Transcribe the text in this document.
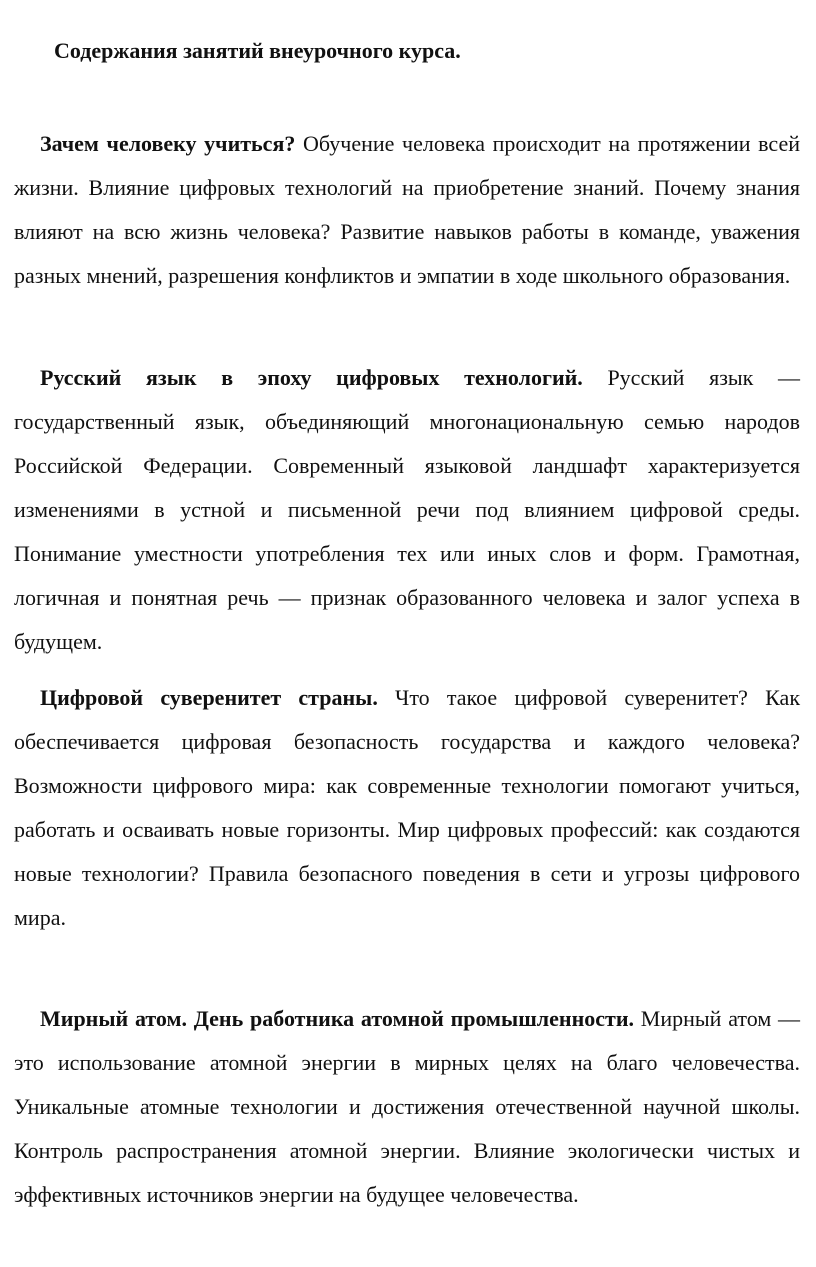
Содержания занятий внеурочного курса.

Зачем человеку учиться? Обучение человека происходит на протяжении всей жизни. Влияние цифровых технологий на приобретение знаний. Почему знания влияют на всю жизнь человека? Развитие навыков работы в команде, уважения разных мнений, разрешения конфликтов и эмпатии в ходе школьного образования.

Русский язык в эпоху цифровых технологий. Русский язык — государственный язык, объединяющий многонациональную семью народов Российской Федерации. Современный языковой ландшафт характеризуется изменениями в устной и письменной речи под влиянием цифровой среды. Понимание уместности употребления тех или иных слов и форм. Грамотная, логичная и понятная речь — признак образованного человека и залог успеха в будущем.

Цифровой суверенитет страны. Что такое цифровой суверенитет? Как обеспечивается цифровая безопасность государства и каждого человека? Возможности цифрового мира: как современные технологии помогают учиться, работать и осваивать новые горизонты. Мир цифровых профессий: как создаются новые технологии? Правила безопасного поведения в сети и угрозы цифрового мира.

Мирный атом. День работника атомной промышленности. Мирный атом — это использование атомной энергии в мирных целях на благо человечества. Уникальные атомные технологии и достижения отечественной научной школы. Контроль распространения атомной энергии. Влияние экологически чистых и эффективных источников энергии на будущее человечества.
